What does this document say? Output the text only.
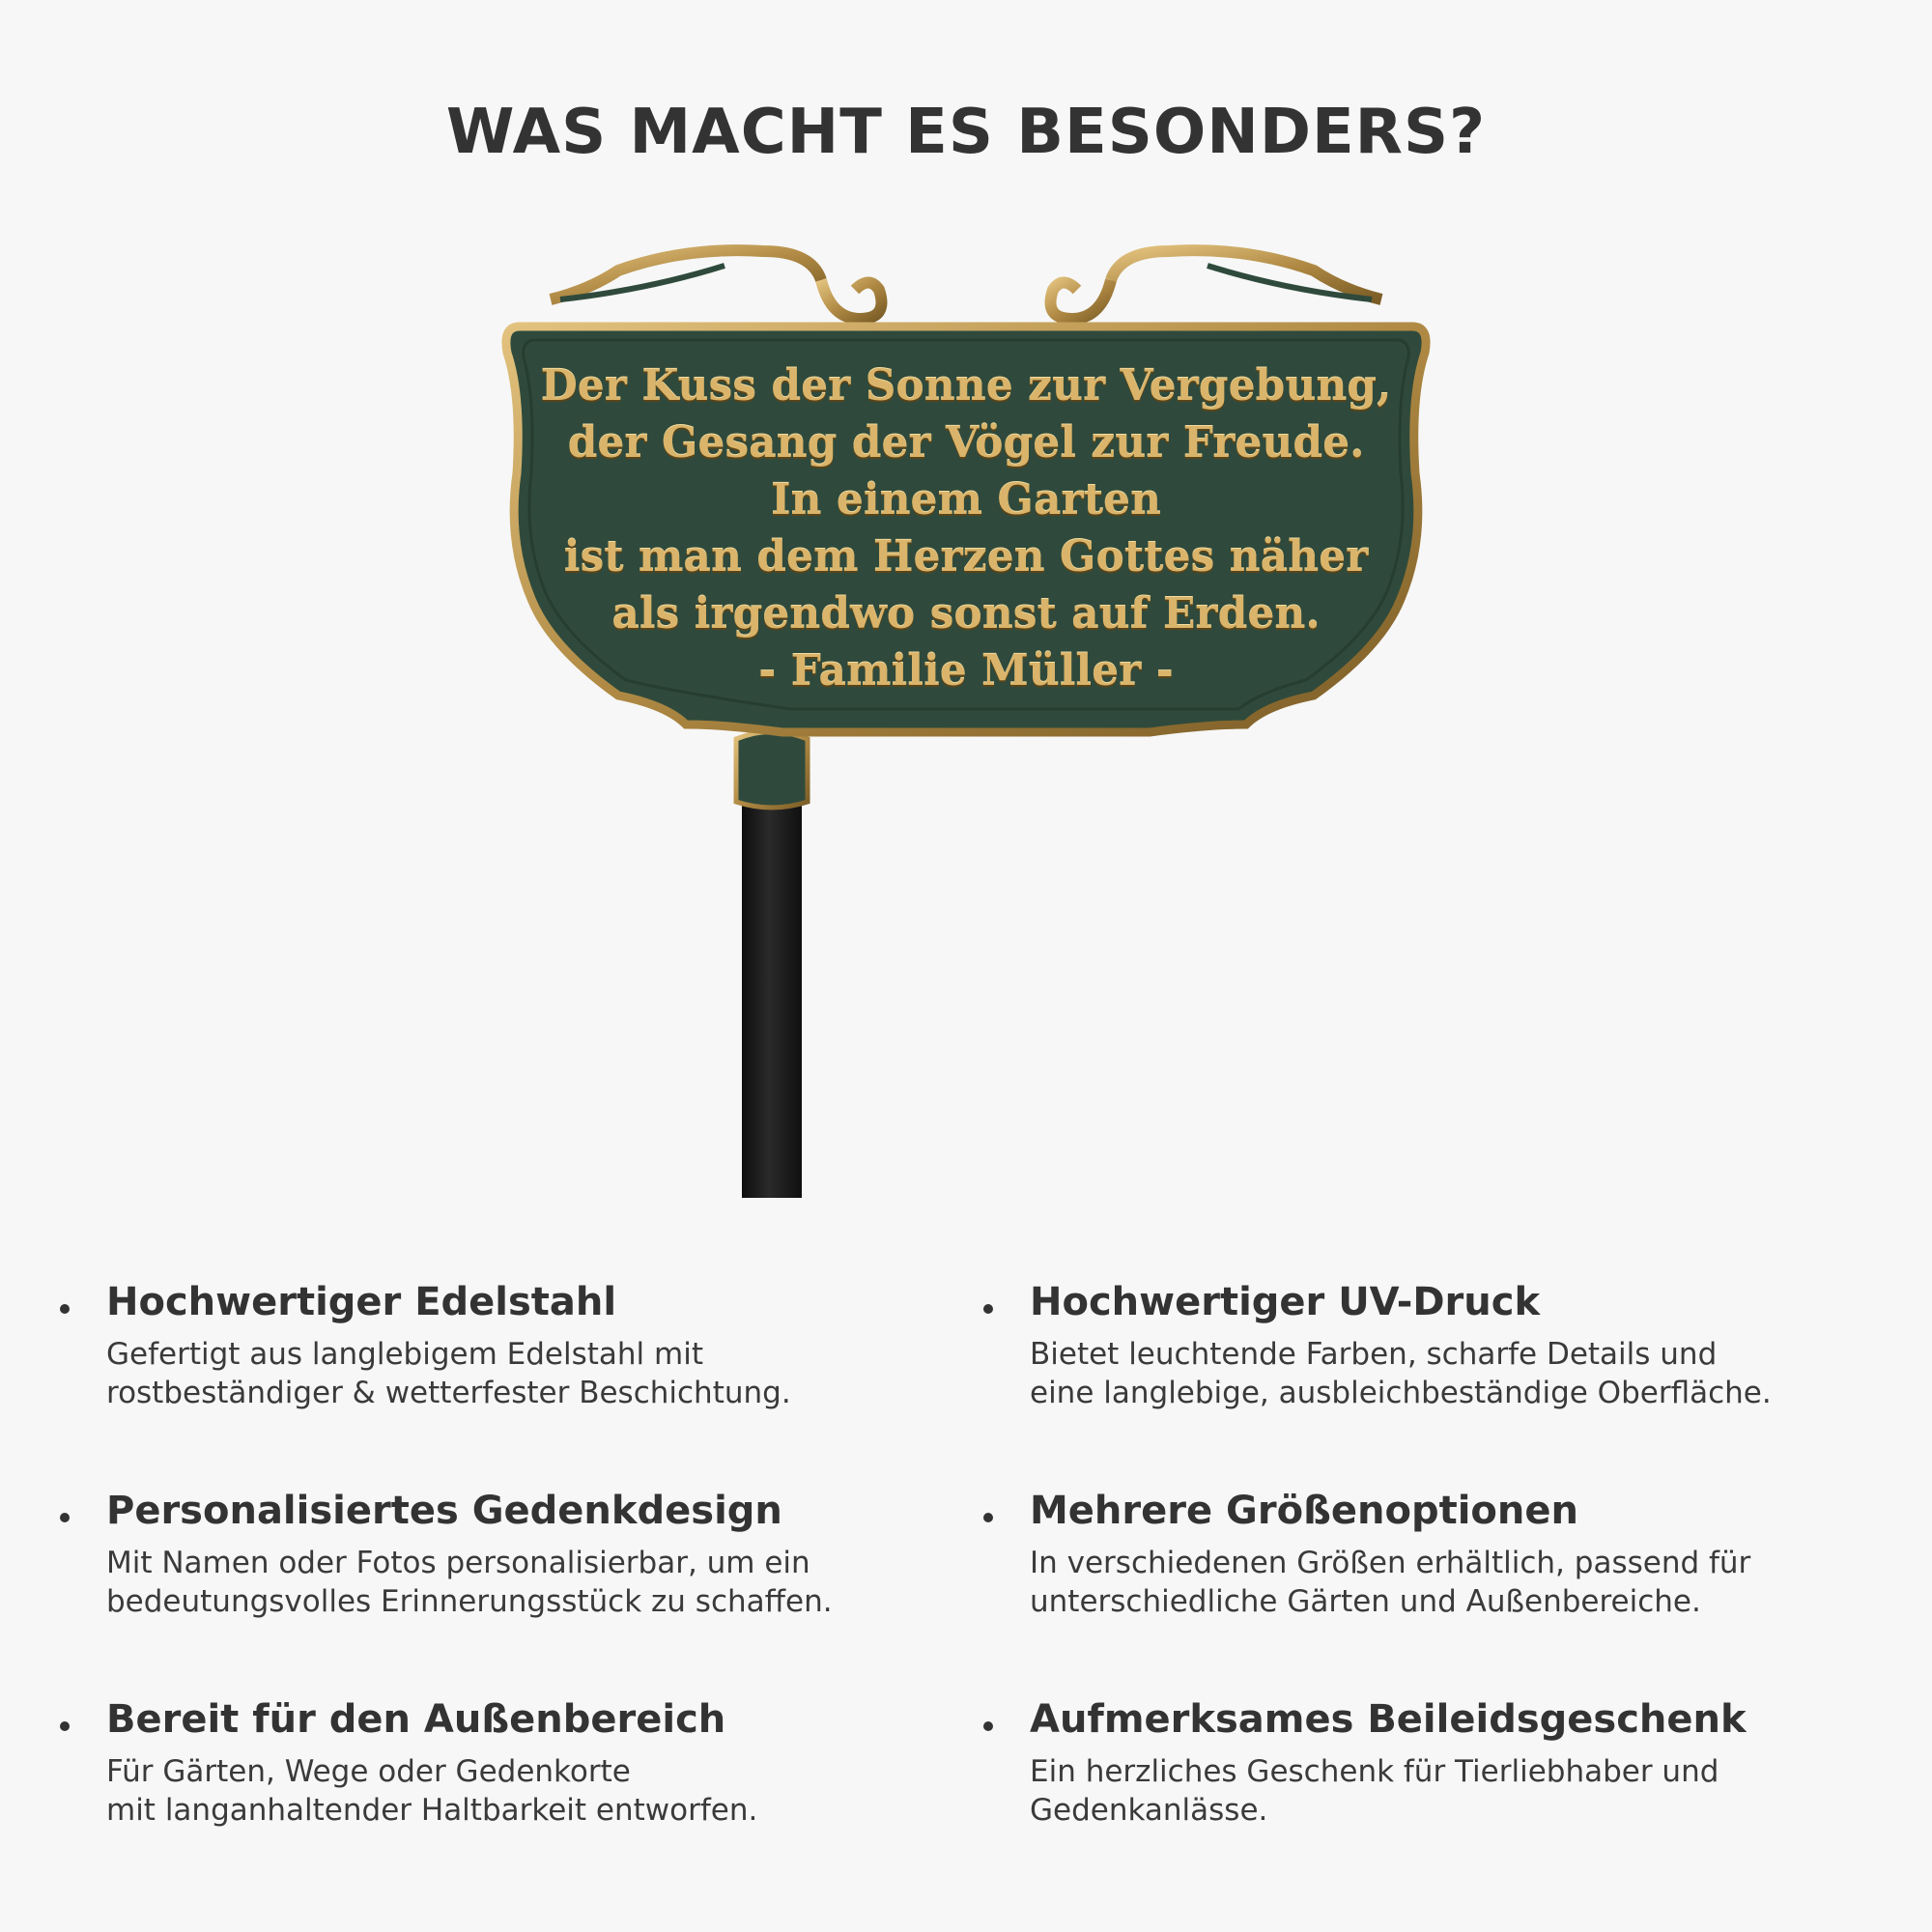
WAS MACHT ES BESONDERS?
Der Kuss der Sonne zur Vergebung,
der Gesang der Vögel zur Freude.
In einem Garten
ist man dem Herzen Gottes näher
als irgendwo sonst auf Erden.
- Familie Müller -
Hochwertiger Edelstahl

Gefertigt aus langlebigem Edelstahl mit
rostbeständiger & wetterfester Beschichtung.

Hochwertiger UV-Druck

Bietet leuchtende Farben, scharfe Details und
eine langlebige, ausbleichbeständige Oberfläche.

Personalisiertes Gedenkdesign

Mit Namen oder Fotos personalisierbar, um ein
bedeutungsvolles Erinnerungsstück zu schaffen.

Mehrere Größenoptionen

In verschiedenen Größen erhältlich, passend für
unterschiedliche Gärten und Außenbereiche.

Bereit für den Außenbereich

Für Gärten, Wege oder Gedenkorte
mit langanhaltender Haltbarkeit entworfen.

Aufmerksames Beileidsgeschenk

Ein herzliches Geschenk für Tierliebhaber und
Gedenkanlässe.
